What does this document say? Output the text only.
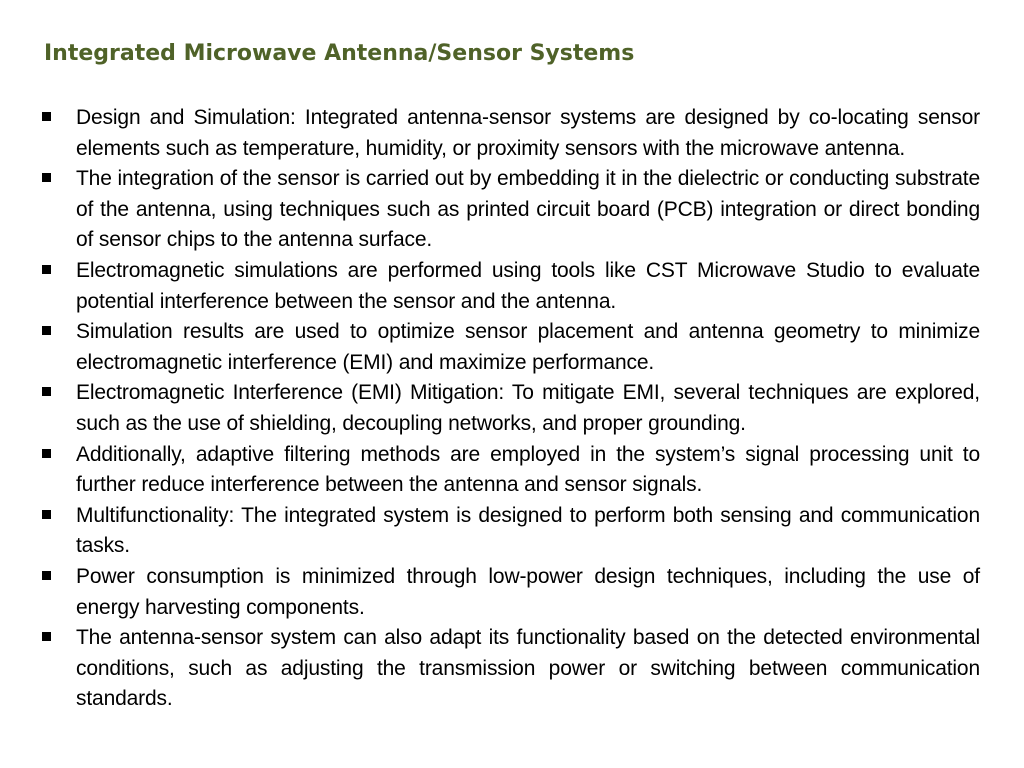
Integrated Microwave Antenna/Sensor Systems
Design and Simulation: Integrated antenna-sensor systems are designed by co-locating sensor elements such as temperature, humidity, or proximity sensors with the microwave antenna.
The integration of the sensor is carried out by embedding it in the dielectric or conducting substrate of the antenna, using techniques such as printed circuit board (PCB) integration or direct bonding of sensor chips to the antenna surface.
Electromagnetic simulations are performed using tools like CST Microwave Studio to evaluate potential interference between the sensor and the antenna.
Simulation results are used to optimize sensor placement and antenna geometry to minimize electromagnetic interference (EMI) and maximize performance.
Electromagnetic Interference (EMI) Mitigation: To mitigate EMI, several techniques are explored, such as the use of shielding, decoupling networks, and proper grounding.
Additionally, adaptive filtering methods are employed in the system’s signal processing unit to further reduce interference between the antenna and sensor signals.
Multifunctionality: The integrated system is designed to perform both sensing and communication tasks.
Power consumption is minimized through low-power design techniques, including the use of energy harvesting components.
The antenna-sensor system can also adapt its functionality based on the detected environmental conditions, such as adjusting the transmission power or switching between communication standards.
